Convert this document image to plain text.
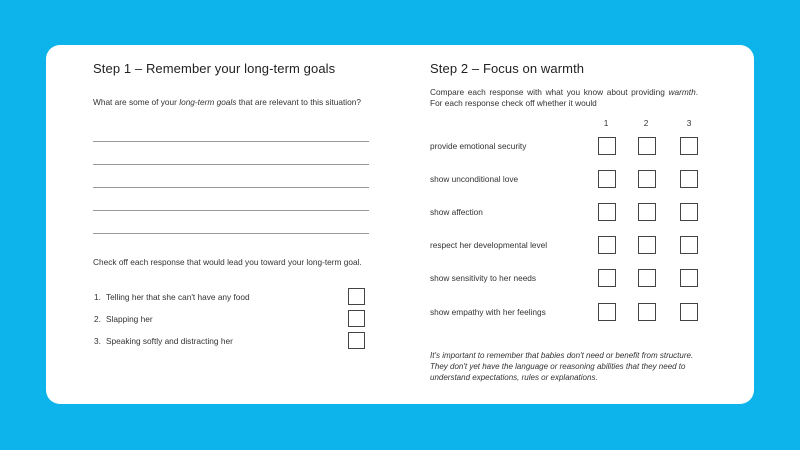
Step 1 – Remember your long-term goals
What are some of your long-term goals that are relevant to this situation?
Check off each response that would lead you toward your long-term goal.
1. Telling her that she can't have any food
2. Slapping her
3. Speaking softly and distracting her
Step 2 – Focus on warmth
Compare each response with what you know about providing warmth. For each response check off whether it would
1	2	3
provide emotional security
show unconditional love
show affection
respect her developmental level
show sensitivity to her needs
show empathy with her feelings
It's important to remember that babies don't need or benefit from structure. They don't yet have the language or reasoning abilities that they need to understand expectations, rules or explanations.
